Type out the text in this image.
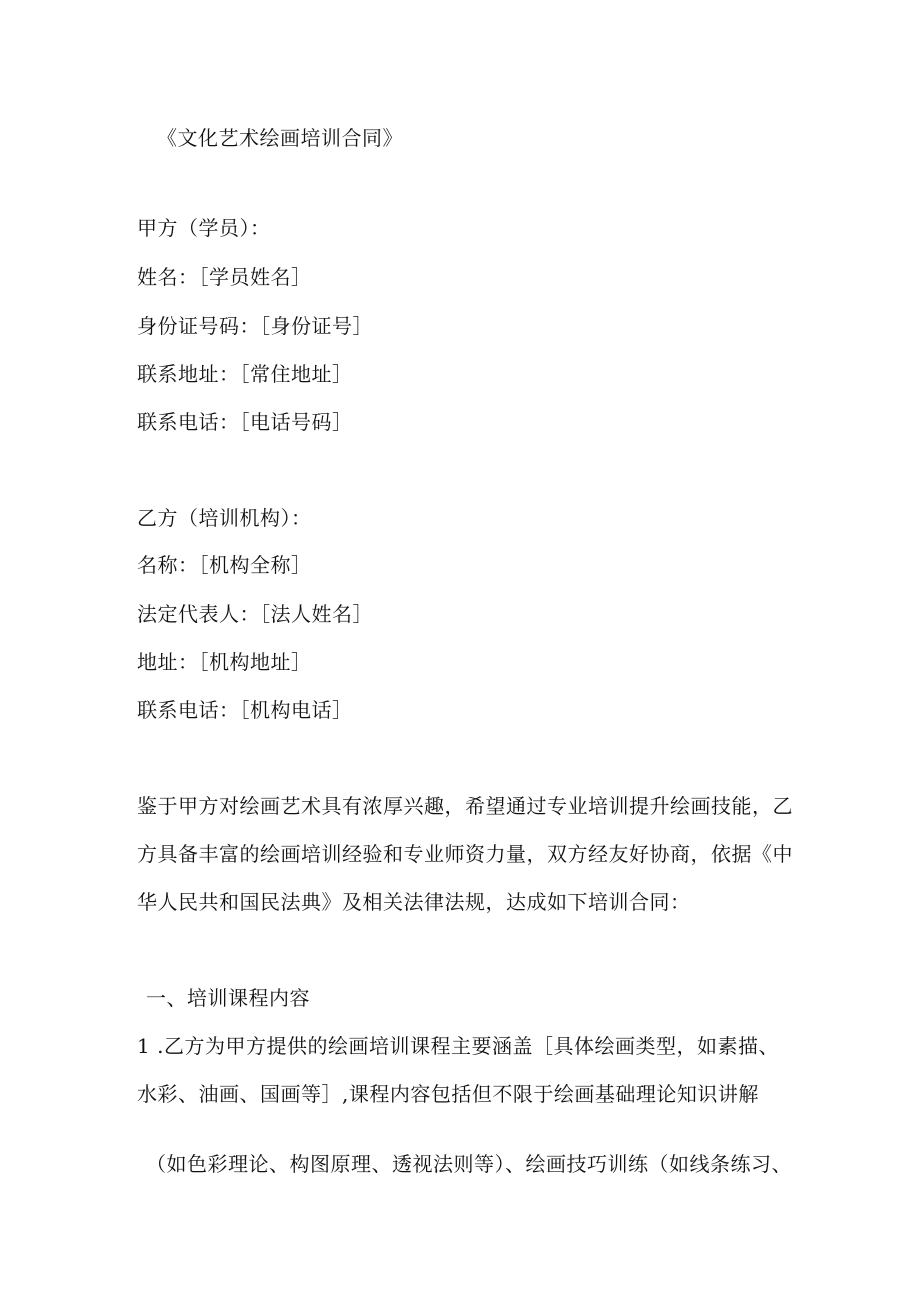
《文化艺术绘画培训合同》
甲方（学员）：
姓名：［学员姓名］
身份证号码：［身份证号］
联系地址：［常住地址］
联系电话：［电话号码］
乙方（培训机构）：
名称：［机构全称］
法定代表人：［法人姓名］
地址：［机构地址］
联系电话：［机构电话］
鉴于甲方对绘画艺术具有浓厚兴趣，希望通过专业培训提升绘画技能，乙
方具备丰富的绘画培训经验和专业师资力量，双方经友好协商，依据《中
华人民共和国民法典》及相关法律法规，达成如下培训合同：
一、培训课程内容
1 .乙方为甲方提供的绘画培训课程主要涵盖［具体绘画类型，如素描、
水彩、油画、国画等］,课程内容包括但不限于绘画基础理论知识讲解
（如色彩理论、构图原理、透视法则等）、绘画技巧训练（如线条练习、
